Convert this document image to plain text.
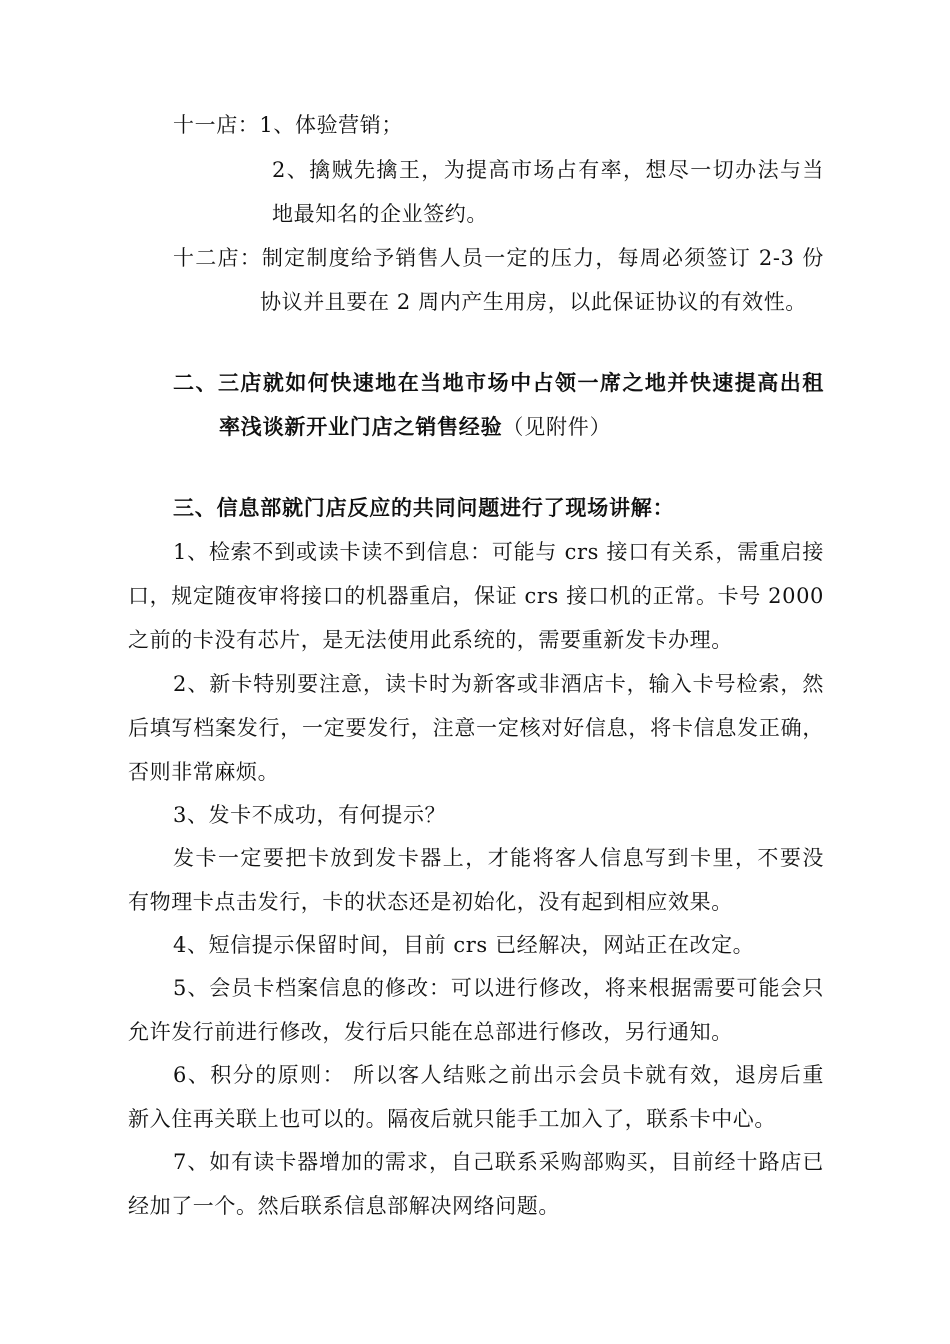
十一店：1、体验营销；
2、擒贼先擒王，为提高市场占有率，想尽一切办法与当
地最知名的企业签约。
十二店：制定制度给予销售人员一定的压力，每周必须签订 2-3 份
协议并且要在 2 周内产生用房，以此保证协议的有效性。
二、三店就如何快速地在当地市场中占领一席之地并快速提高出租
率浅谈新开业门店之销售经验（见附件）
三、信息部就门店反应的共同问题进行了现场讲解：
1、检索不到或读卡读不到信息：可能与 crs 接口有关系，需重启接
口，规定随夜审将接口的机器重启，保证 crs 接口机的正常。卡号 2000
之前的卡没有芯片，是无法使用此系统的，需要重新发卡办理。
2、新卡特别要注意，读卡时为新客或非酒店卡，输入卡号检索，然
后填写档案发行，一定要发行，注意一定核对好信息，将卡信息发正确，
否则非常麻烦。
3、发卡不成功，有何提示？
发卡一定要把卡放到发卡器上，才能将客人信息写到卡里，不要没
有物理卡点击发行，卡的状态还是初始化，没有起到相应效果。
4、短信提示保留时间，目前 crs 已经解决，网站正在改定。
5、会员卡档案信息的修改：可以进行修改，将来根据需要可能会只
允许发行前进行修改，发行后只能在总部进行修改，另行通知。
6、积分的原则： 所以客人结账之前出示会员卡就有效，退房后重
新入住再关联上也可以的。隔夜后就只能手工加入了，联系卡中心。
7、如有读卡器增加的需求，自己联系采购部购买，目前经十路店已
经加了一个。然后联系信息部解决网络问题。
